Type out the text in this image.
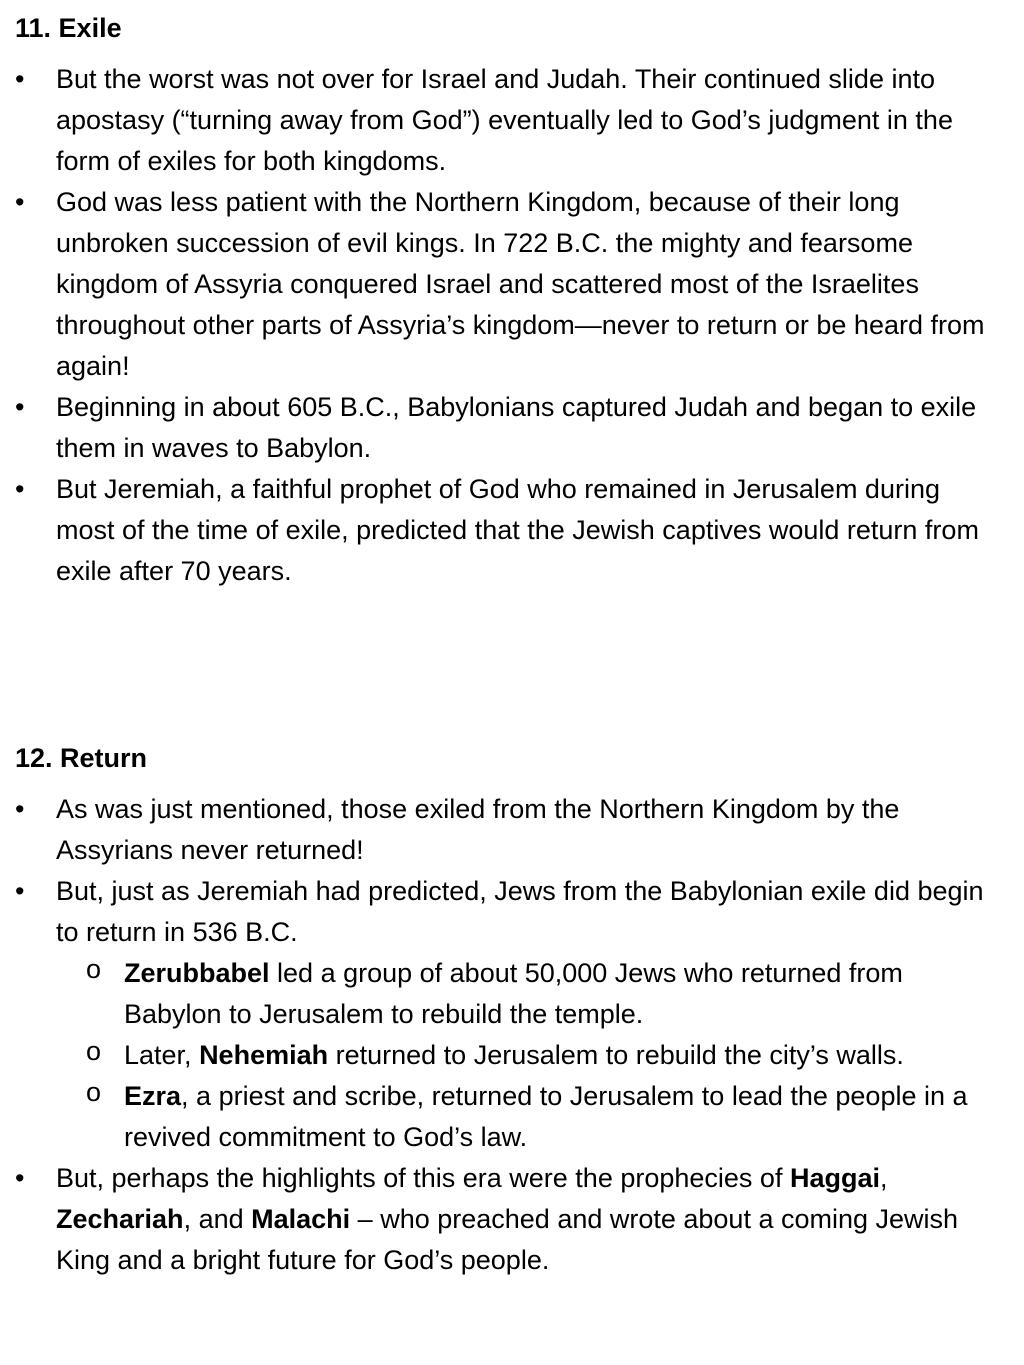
11. Exile
• But the worst was not over for Israel and Judah. Their continued slide into apostasy (“turning away from God”) eventually led to God’s judgment in the form of exiles for both kingdoms.
• God was less patient with the Northern Kingdom, because of their long unbroken succession of evil kings. In 722 B.C. the mighty and fearsome kingdom of Assyria conquered Israel and scattered most of the Israelites throughout other parts of Assyria’s kingdom—never to return or be heard from again!
• Beginning in about 605 B.C., Babylonians captured Judah and began to exile them in waves to Babylon.
• But Jeremiah, a faithful prophet of God who remained in Jerusalem during most of the time of exile, predicted that the Jewish captives would return from exile after 70 years.
12. Return
• As was just mentioned, those exiled from the Northern Kingdom by the Assyrians never returned!
• But, just as Jeremiah had predicted, Jews from the Babylonian exile did begin to return in 536 B.C.
o Zerubbabel led a group of about 50,000 Jews who returned from Babylon to Jerusalem to rebuild the temple.
o Later, Nehemiah returned to Jerusalem to rebuild the city’s walls.
o Ezra, a priest and scribe, returned to Jerusalem to lead the people in a revived commitment to God’s law.
• But, perhaps the highlights of this era were the prophecies of Haggai, Zechariah, and Malachi – who preached and wrote about a coming Jewish King and a bright future for God’s people.
